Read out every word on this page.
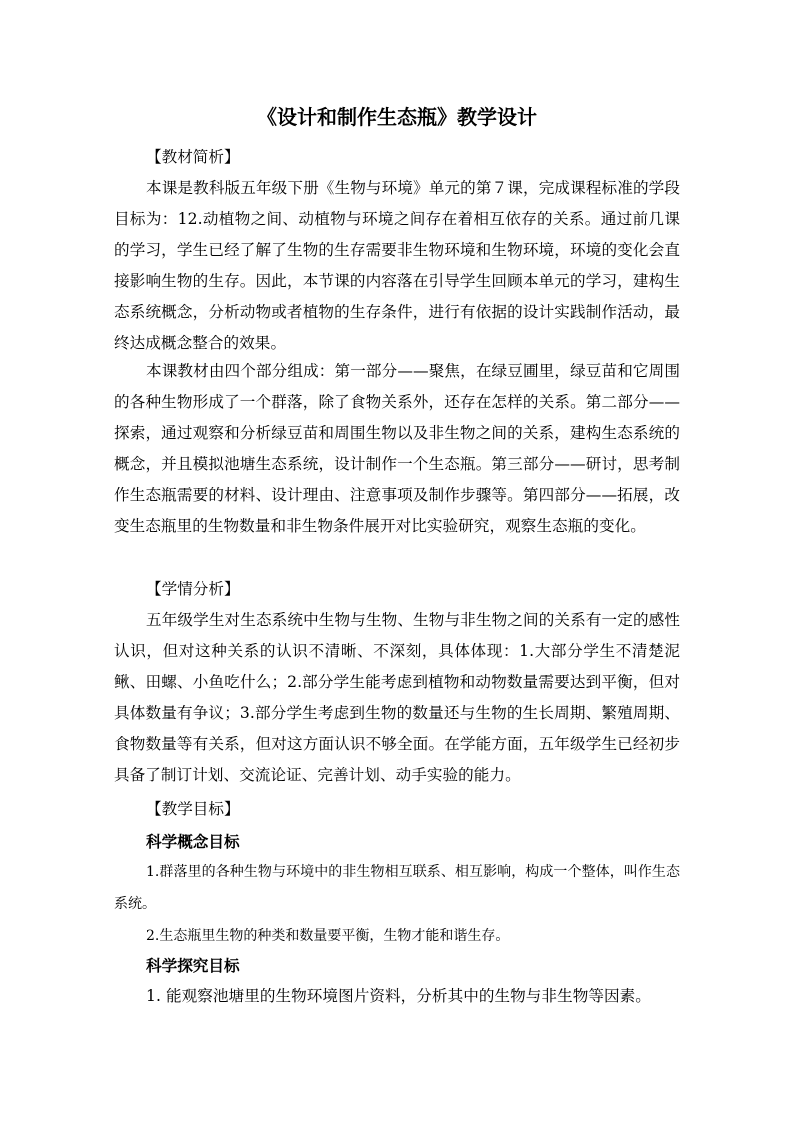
《设计和制作生态瓶》教学设计
【教材简析】
本课是教科版五年级下册《生物与环境》单元的第７课，完成课程标准的学段目标为：12.动植物之间、动植物与环境之间存在着相互依存的关系。通过前几课的学习，学生已经了解了生物的生存需要非生物环境和生物环境，环境的变化会直接影响生物的生存。因此，本节课的内容落在引导学生回顾本单元的学习，建构生态系统概念，分析动物或者植物的生存条件，进行有依据的设计实践制作活动，最终达成概念整合的效果。
本课教材由四个部分组成：第一部分——聚焦，在绿豆圃里，绿豆苗和它周围的各种生物形成了一个群落，除了食物关系外，还存在怎样的关系。第二部分——探索，通过观察和分析绿豆苗和周围生物以及非生物之间的关系，建构生态系统的概念，并且模拟池塘生态系统，设计制作一个生态瓶。第三部分——研讨，思考制作生态瓶需要的材料、设计理由、注意事项及制作步骤等。第四部分——拓展，改变生态瓶里的生物数量和非生物条件展开对比实验研究，观察生态瓶的变化。
【学情分析】
五年级学生对生态系统中生物与生物、生物与非生物之间的关系有一定的感性认识，但对这种关系的认识不清晰、不深刻，具体体现：1.大部分学生不清楚泥鳅、田螺、小鱼吃什么；2.部分学生能考虑到植物和动物数量需要达到平衡，但对具体数量有争议；3.部分学生考虑到生物的数量还与生物的生长周期、繁殖周期、食物数量等有关系，但对这方面认识不够全面。在学能方面，五年级学生已经初步具备了制订计划、交流论证、完善计划、动手实验的能力。
【教学目标】
科学概念目标
1.群落里的各种生物与环境中的非生物相互联系、相互影响，构成一个整体，叫作生态系统。
2.生态瓶里生物的种类和数量要平衡，生物才能和谐生存。
科学探究目标
1. 能观察池塘里的生物环境图片资料，分析其中的生物与非生物等因素。
